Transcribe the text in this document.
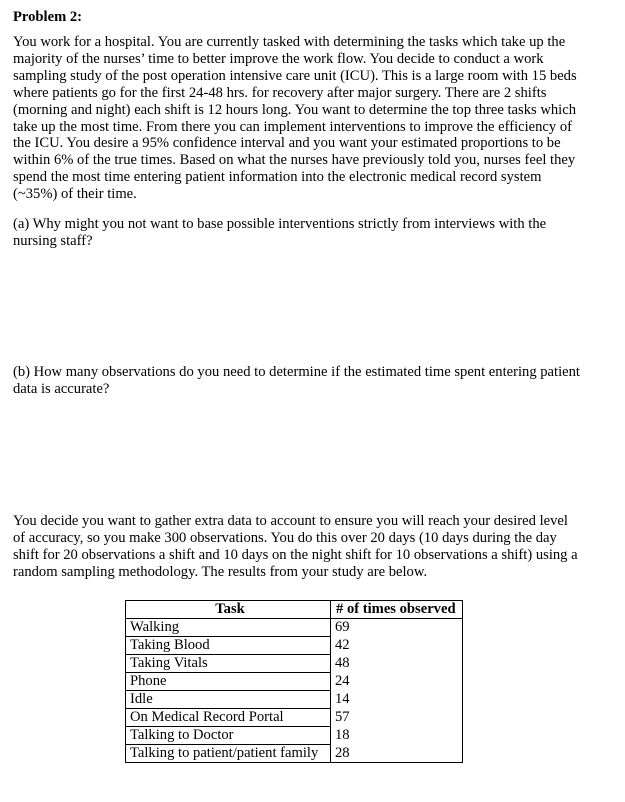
Problem 2:

You work for a hospital. You are currently tasked with determining the tasks which take up the majority of the nurses’ time to better improve the work flow. You decide to conduct a work sampling study of the post operation intensive care unit (ICU). This is a large room with 15 beds where patients go for the first 24-48 hrs. for recovery after major surgery. There are 2 shifts (morning and night) each shift is 12 hours long. You want to determine the top three tasks which take up the most time. From there you can implement interventions to improve the efficiency of the ICU. You desire a 95% confidence interval and you want your estimated proportions to be within 6% of the true times. Based on what the nurses have previously told you, nurses feel they spend the most time entering patient information into the electronic medical record system (~35%) of their time.

(a) Why might you not want to base possible interventions strictly from interviews with the nursing staff?

(b) How many observations do you need to determine if the estimated time spent entering patient data is accurate?

You decide you want to gather extra data to account to ensure you will reach your desired level of accuracy, so you make 300 observations. You do this over 20 days (10 days during the day shift for 20 observations a shift and 10 days on the night shift for 10 observations a shift) using a random sampling methodology. The results from your study are below.

Task	# of times observed
Walking	69
Taking Blood	42
Taking Vitals	48
Phone	24
Idle	14
On Medical Record Portal	57
Talking to Doctor	18
Talking to patient/patient family	28
